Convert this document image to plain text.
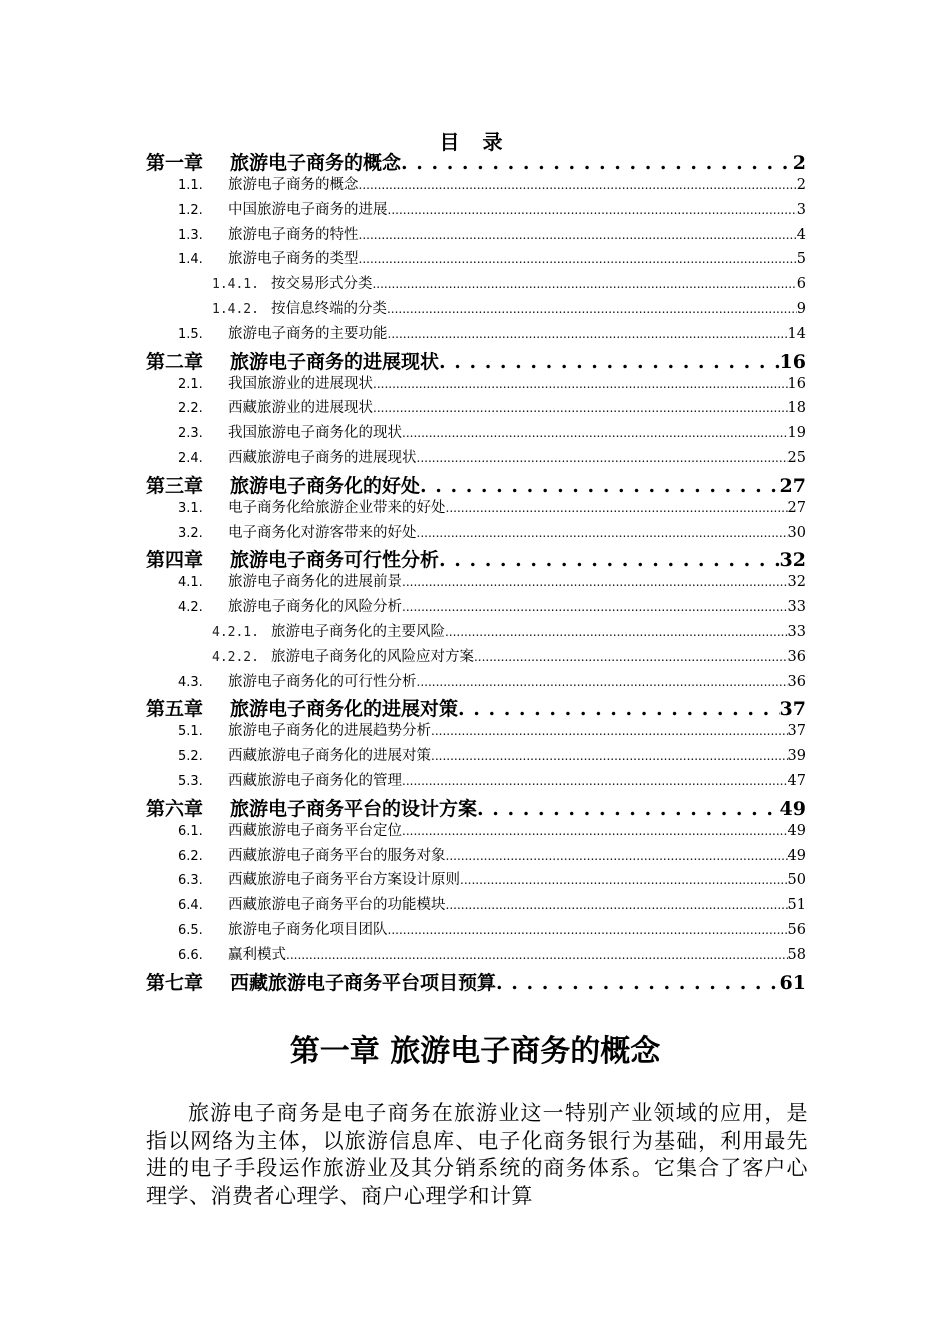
目 录
第一章	旅游电子商务的概念 . . .	2
1.1.	旅游电子商务的概念 .....	2
1.2.	中国旅游电子商务的进展 .....	3
1.3.	旅游电子商务的特性 .....	4
1.4.	旅游电子商务的类型 .....	5
1.4.1. 按交易形式分类 .....	6
1.4.2. 按信息终端的分类 .....	9
1.5.	旅游电子商务的主要功能 .....	14
第二章	旅游电子商务的进展现状 . . .	16
2.1.	我国旅游业的进展现状 .....	16
2.2.	西藏旅游业的进展现状 .....	18
2.3.	我国旅游电子商务化的现状 .....	19
2.4.	西藏旅游电子商务的进展现状 .....	25
第三章	旅游电子商务化的好处 . . .	27
3.1.	电子商务化给旅游企业带来的好处 .....	27
3.2.	电子商务化对游客带来的好处 .....	30
第四章	旅游电子商务可行性分析 . . .	32
4.1.	旅游电子商务化的进展前景 .....	32
4.2.	旅游电子商务化的风险分析 .....	33
4.2.1. 旅游电子商务化的主要风险 .....	33
4.2.2. 旅游电子商务化的风险应对方案 .....	36
4.3.	旅游电子商务化的可行性分析 .....	36
第五章	旅游电子商务化的进展对策 . . .	37
5.1.	旅游电子商务化的进展趋势分析 .....	37
5.2.	西藏旅游电子商务化的进展对策 .....	39
5.3.	西藏旅游电子商务化的管理 .....	47
第六章	旅游电子商务平台的设计方案 . . .	49
6.1.	西藏旅游电子商务平台定位 .....	49
6.2.	西藏旅游电子商务平台的服务对象 .....	49
6.3.	西藏旅游电子商务平台方案设计原则 .....	50
6.4.	西藏旅游电子商务平台的功能模块 .....	51
6.5.	旅游电子商务化项目团队 .....	56
6.6.	赢利模式 .....	58
第七章	西藏旅游电子商务平台项目预算 . . .	61
第一章 旅游电子商务的概念
旅游电子商务是电子商务在旅游业这一特别产业领域的应用，是指以网络为主体，以旅游信息库、电子化商务银行为基础，利用最先进的电子手段运作旅游业及其分销系统的商务体系。它集合了客户心理学、消费者心理学、商户心理学和计算
